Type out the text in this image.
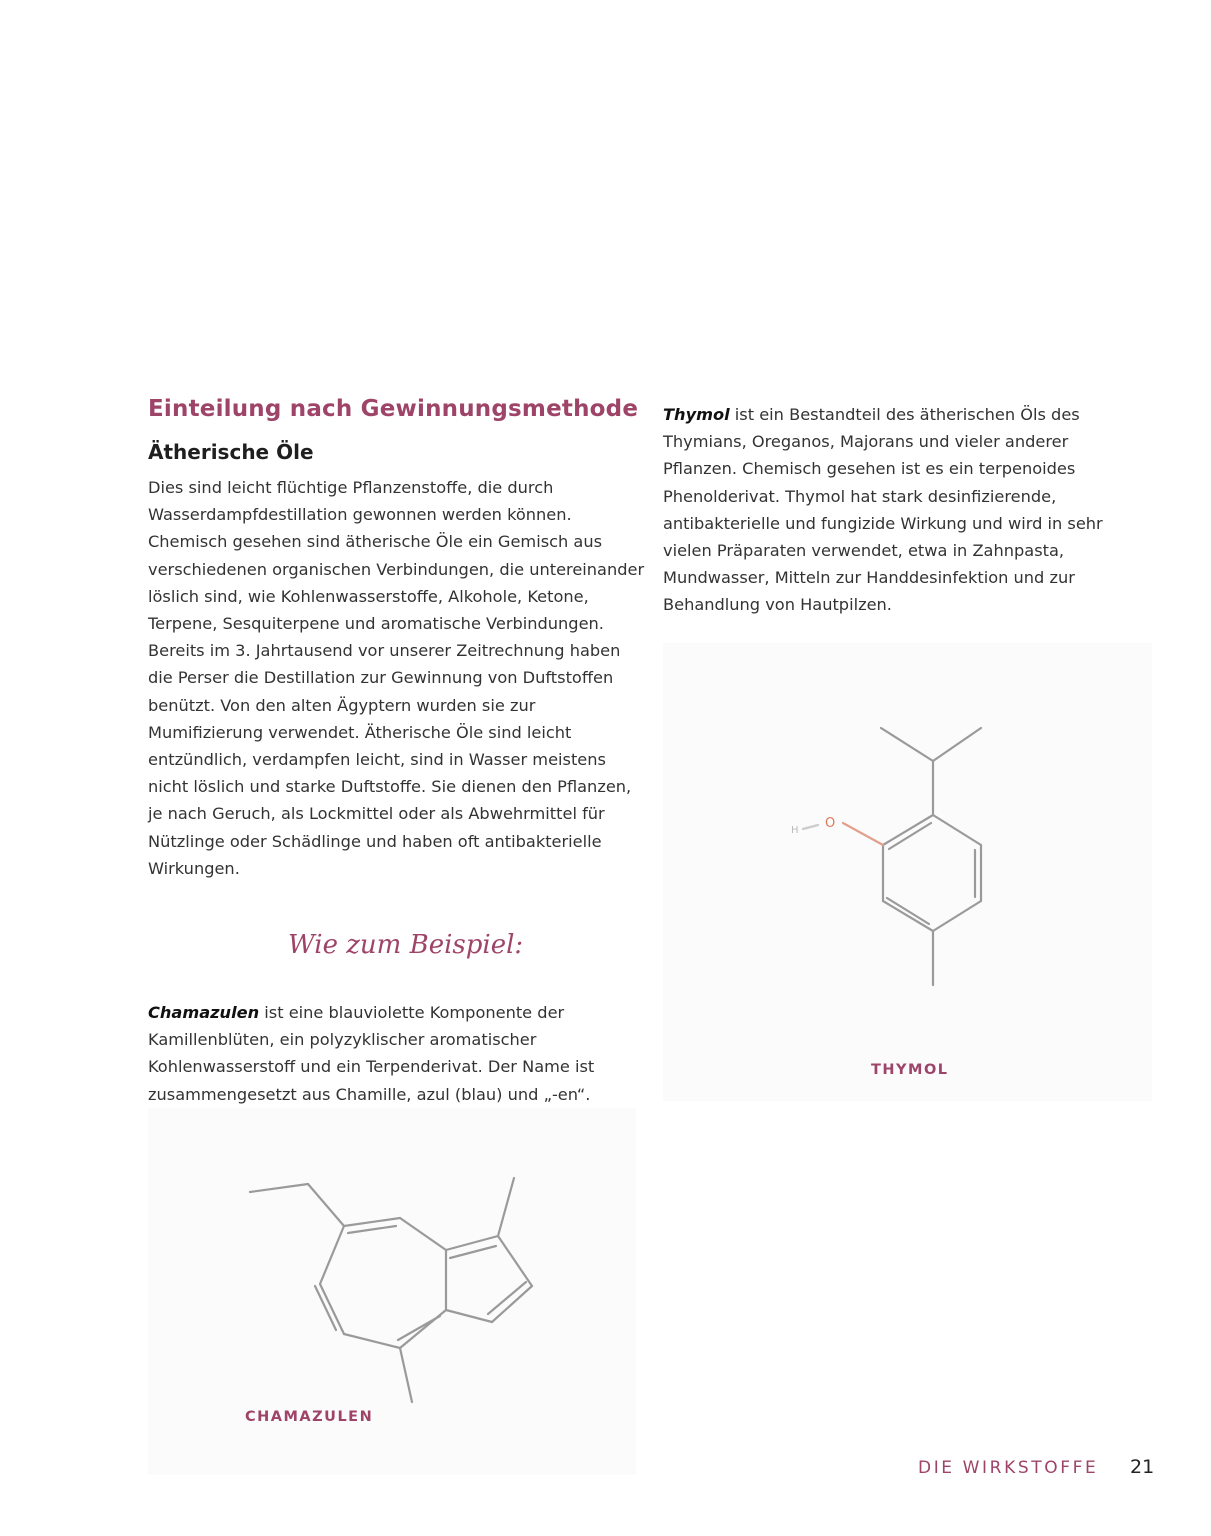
Einteilung nach Gewinnungsmethode
Ätherische Öle

Dies sind leicht flüchtige Pflanzenstoffe, die durch Wasserdampfdestillation gewonnen werden können. Chemisch gesehen sind ätherische Öle ein Gemisch aus verschiedenen organischen Verbindungen, die untereinander löslich sind, wie Kohlenwasserstoffe, Alkohole, Ketone, Terpene, Sesquiterpene und aromatische Verbindungen. Bereits im 3. Jahrtausend vor unserer Zeitrechnung haben die Perser die Destillation zur Gewinnung von Duftstoffen benützt. Von den alten Ägyptern wurden sie zur Mumifizierung verwendet. Ätherische Öle sind leicht entzündlich, verdampfen leicht, sind in Wasser meistens nicht löslich und starke Duftstoffe. Sie dienen den Pflanzen, je nach Geruch, als Lockmittel oder als Abwehrmittel für Nützlinge oder Schädlinge und haben oft antibakterielle Wirkungen.

Wie zum Beispiel:

Chamazulen ist eine blauviolette Komponente der Kamillenblüten, ein polyzyklischer aromatischer Kohlenwasserstoff und ein Terpenderivat. Der Name ist zusammengesetzt aus Chamille, azul (blau) und „-en“.

Thymol ist ein Bestandteil des ätherischen Öls des Thymians, Oreganos, Majorans und vieler anderer Pflanzen. Chemisch gesehen ist es ein terpenoides Phenolderivat. Thymol hat stark desinfizierende, antibakterielle und fungizide Wirkung und wird in sehr vielen Präparaten verwendet, etwa in Zahnpasta, Mundwasser, Mitteln zur Handdesinfektion und zur Behandlung von Hautpilzen.

O
H
THYMOL
CHAMAZULEN
DIE WIRKSTOFFE 21
